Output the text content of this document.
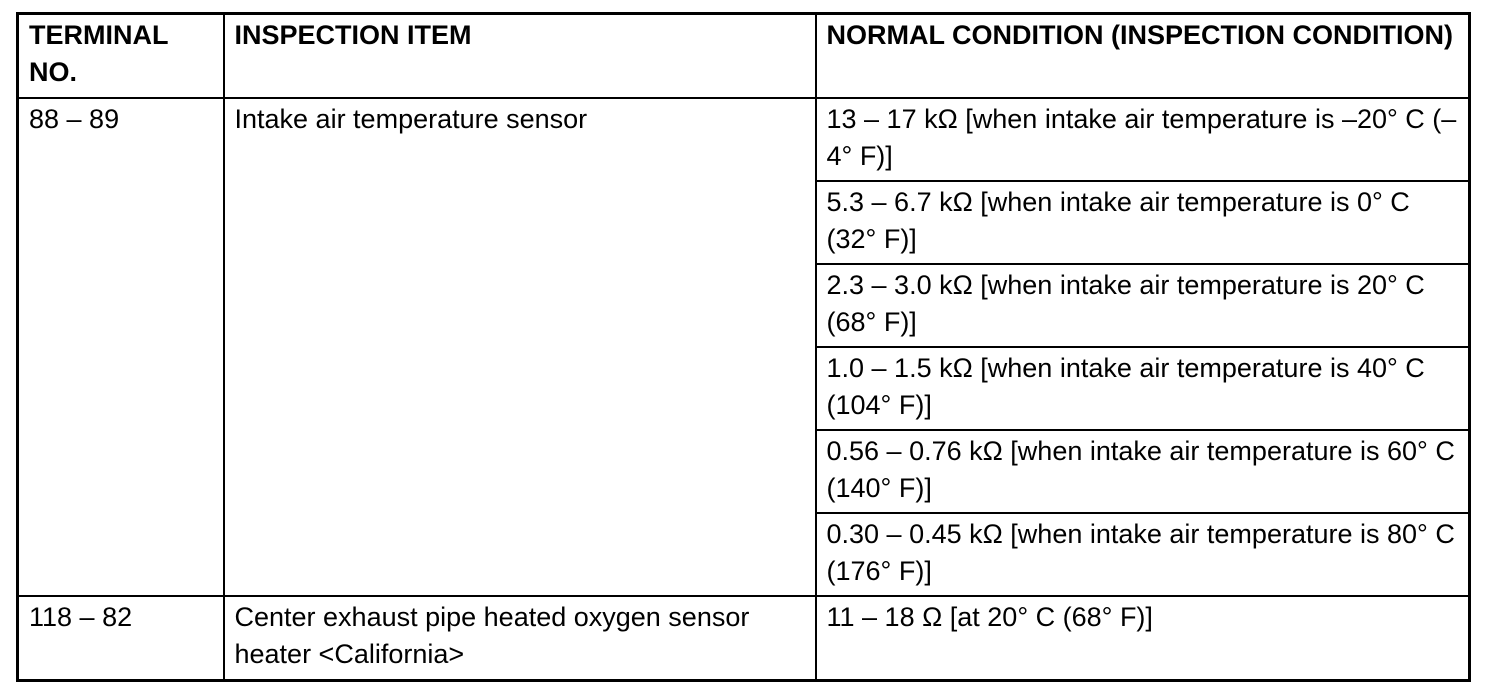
TERMINAL NO.	INSPECTION ITEM	NORMAL CONDITION (INSPECTION CONDITION)
88 – 89	Intake air temperature sensor	13 – 17 kΩ [when intake air temperature is –20° C (–4° F)]
		5.3 – 6.7 kΩ [when intake air temperature is 0° C (32° F)]
		2.3 – 3.0 kΩ [when intake air temperature is 20° C (68° F)]
		1.0 – 1.5 kΩ [when intake air temperature is 40° C (104° F)]
		0.56 – 0.76 kΩ [when intake air temperature is 60° C (140° F)]
		0.30 – 0.45 kΩ [when intake air temperature is 80° C (176° F)]
118 – 82	Center exhaust pipe heated oxygen sensor heater <California>	11 – 18 Ω [at 20° C (68° F)]
